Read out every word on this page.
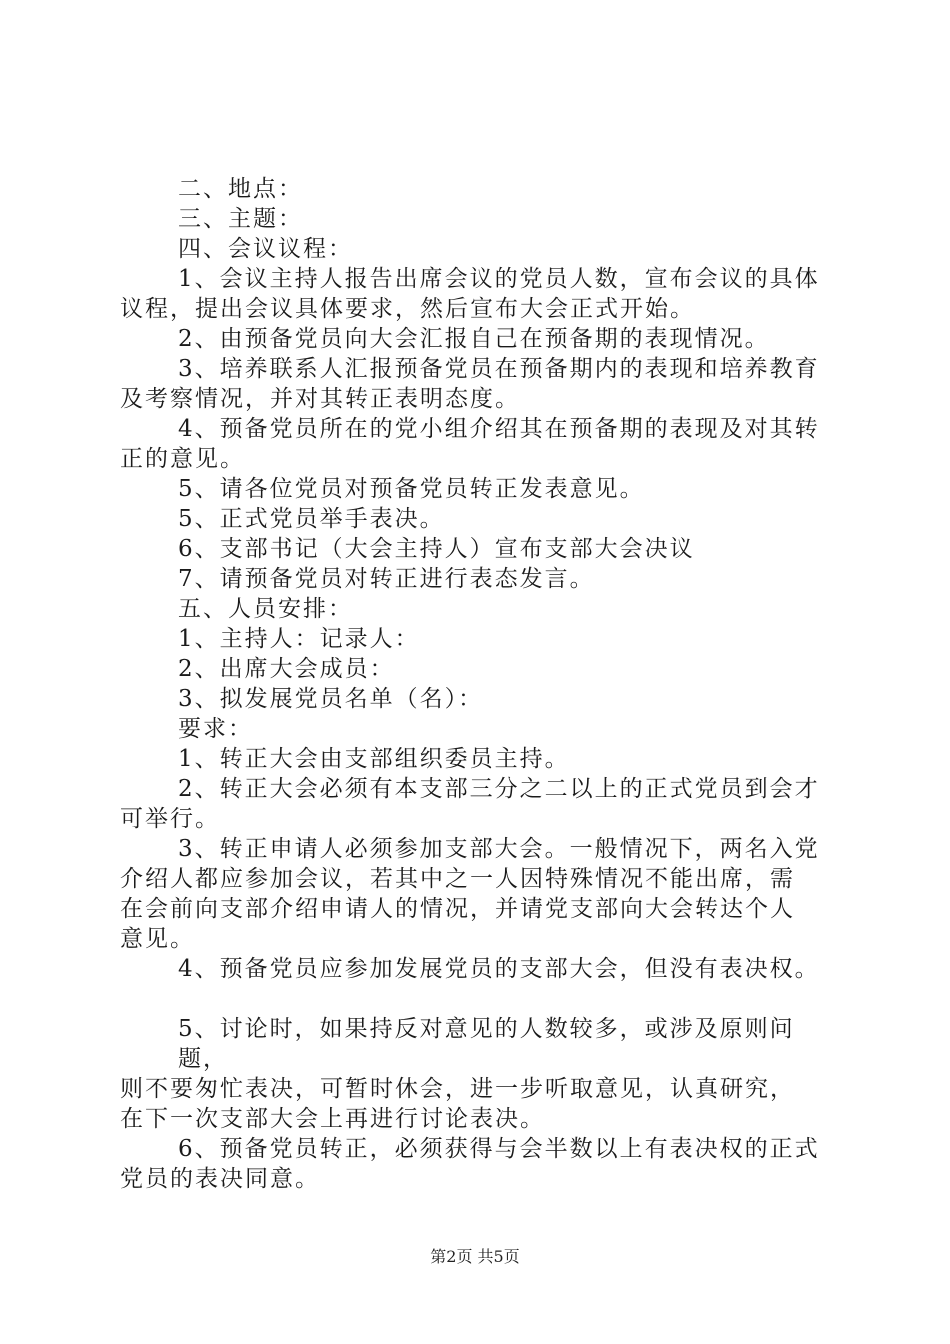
二、地点：

三、主题：

四、会议议程：

1、会议主持人报告出席会议的党员人数，宣布会议的具体

议程，提出会议具体要求，然后宣布大会正式开始。

2、由预备党员向大会汇报自己在预备期的表现情况。

3、培养联系人汇报预备党员在预备期内的表现和培养教育

及考察情况，并对其转正表明态度。

4、预备党员所在的党小组介绍其在预备期的表现及对其转

正的意见。

5、请各位党员对预备党员转正发表意见。

5、正式党员举手表决。

6、支部书记（大会主持人）宣布支部大会决议

7、请预备党员对转正进行表态发言。

五、人员安排：

1、主持人：记录人：

2、出席大会成员：

3、拟发展党员名单（名）：

要求：

1、转正大会由支部组织委员主持。

2、转正大会必须有本支部三分之二以上的正式党员到会才

可举行。

3、转正申请人必须参加支部大会。一般情况下，两名入党

介绍人都应参加会议，若其中之一人因特殊情况不能出席，需

在会前向支部介绍申请人的情况，并请党支部向大会转达个人

意见。

4、预备党员应参加发展党员的支部大会，但没有表决权。

5、讨论时，如果持反对意见的人数较多，或涉及原则问题，

则不要匆忙表决，可暂时休会，进一步听取意见，认真研究，

在下一次支部大会上再进行讨论表决。

6、预备党员转正，必须获得与会半数以上有表决权的正式

党员的表决同意。

第2页 共5页
